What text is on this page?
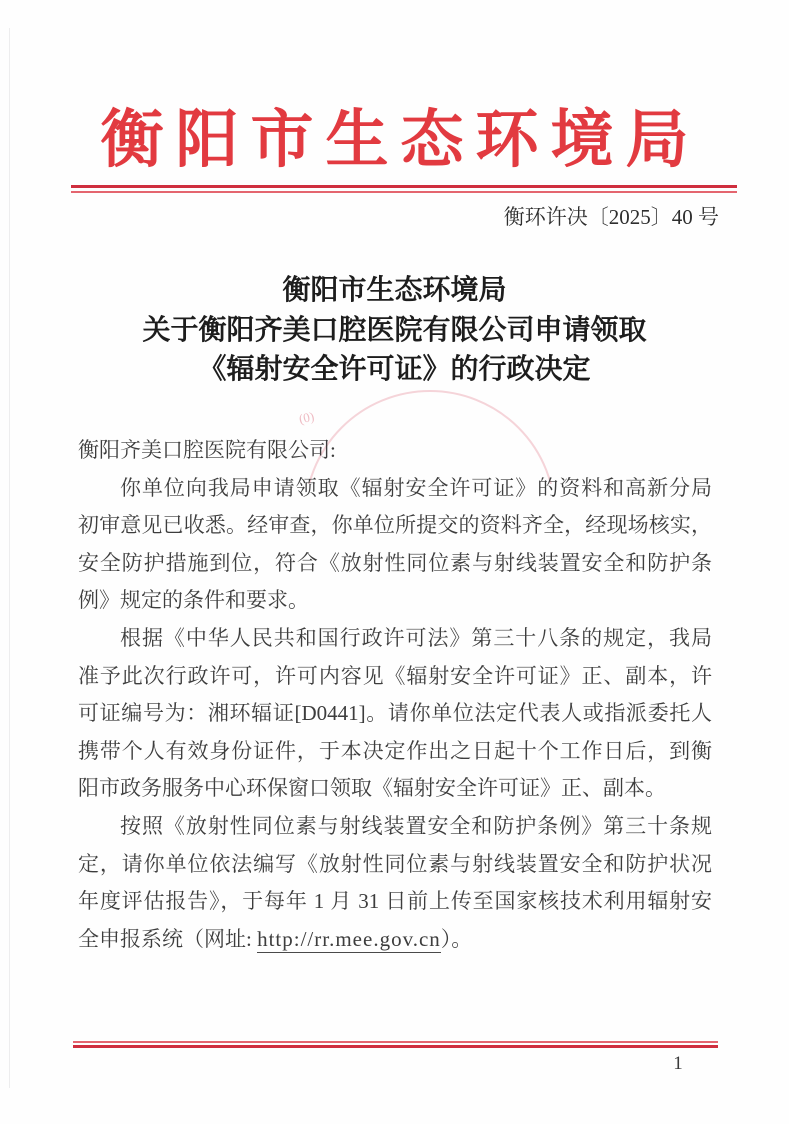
衡阳市生态环境局
衡环许决〔2025〕40 号
衡阳市生态环境局
关于衡阳齐美口腔医院有限公司申请领取
《辐射安全许可证》的行政决定
(0)
衡阳齐美口腔医院有限公司:
你单位向我局申请领取《辐射安全许可证》的资料和高新分局
初审意见已收悉。经审查，你单位所提交的资料齐全，经现场核实，
安全防护措施到位，符合《放射性同位素与射线装置安全和防护条
例》规定的条件和要求。
根据《中华人民共和国行政许可法》第三十八条的规定，我局
准予此次行政许可，许可内容见《辐射安全许可证》正、副本，许
可证编号为：湘环辐证[D0441]。请你单位法定代表人或指派委托人
携带个人有效身份证件，于本决定作出之日起十个工作日后，到衡
阳市政务服务中心环保窗口领取《辐射安全许可证》正、副本。
按照《放射性同位素与射线装置安全和防护条例》第三十条规
定，请你单位依法编写《放射性同位素与射线装置安全和防护状况
年度评估报告》，于每年 1 月 31 日前上传至国家核技术利用辐射安
全申报系统（网址: http://rr.mee.gov.cn）。
1
